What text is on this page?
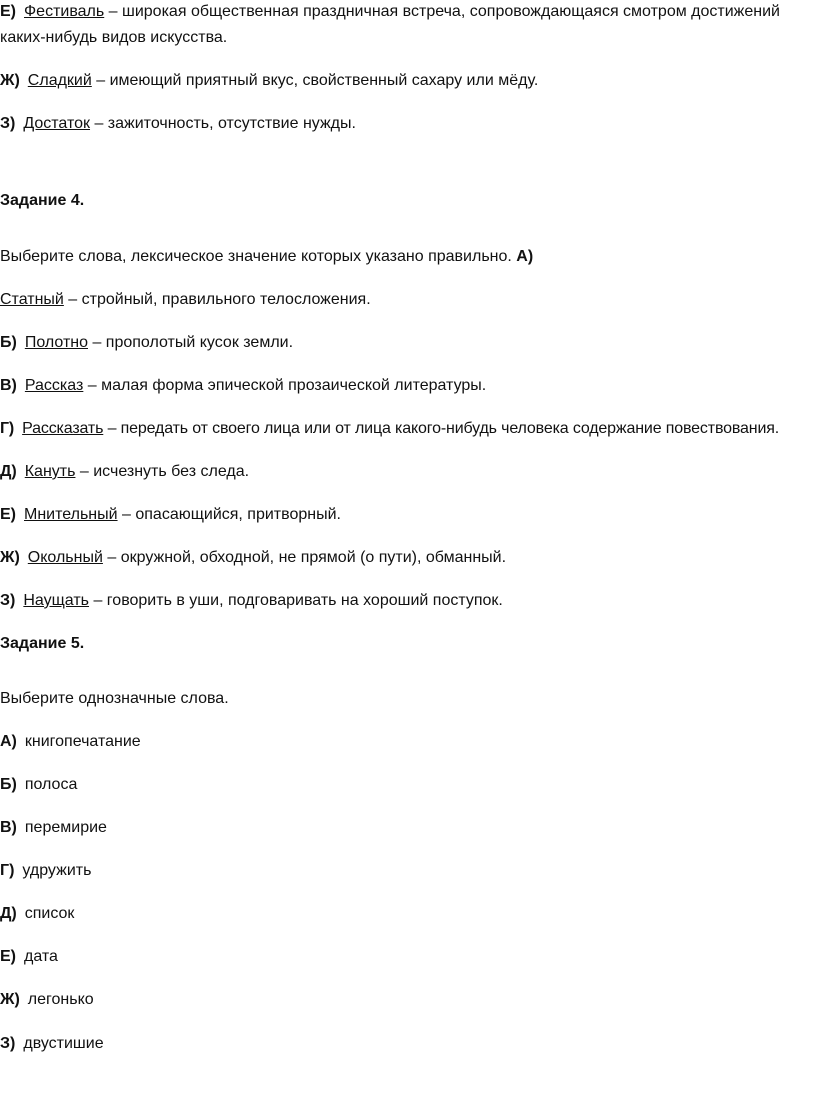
Е) Фестиваль – широкая общественная праздничная встреча, сопровождающаяся смотром достижений
каких-нибудь видов искусства.
Ж) Сладкий – имеющий приятный вкус, свойственный сахару или мёду.
З) Достаток – зажиточность, отсутствие нужды.
Задание 4.
Выберите слова, лексическое значение которых указано правильно. А)
Статный – стройный, правильного телосложения.
Б) Полотно – прополотый кусок земли.
В) Рассказ – малая форма эпической прозаической литературы.
Г) Рассказать – передать от своего лица или от лица какого-нибудь человека содержание повествования.
Д) Кануть – исчезнуть без следа.
Е) Мнительный – опасающийся, притворный.
Ж) Окольный – окружной, обходной, не прямой (о пути), обманный.
З) Наущать – говорить в уши, подговаривать на хороший поступок.
Задание 5.
Выберите однозначные слова.
А) книгопечатание
Б) полоса
В) перемирие
Г) удружить
Д) список
Е) дата
Ж) легонько
З) двустишие
